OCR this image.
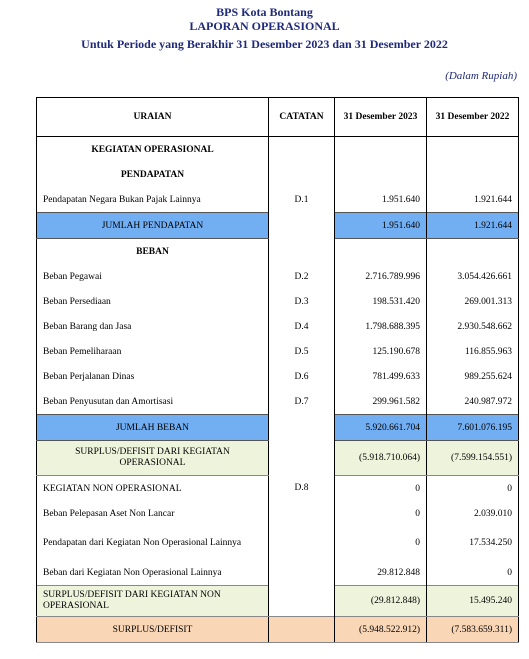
BPS Kota Bontang
LAPORAN OPERASIONAL
Untuk Periode yang Berakhir 31 Desember 2023 dan 31 Desember 2022
(Dalam Rupiah)
URAIAN	CATATAN	31 Desember 2023	31 Desember 2022
KEGIATAN OPERASIONAL			
PENDAPATAN			
Pendapatan Negara Bukan Pajak Lainnya	D.1	1.951.640	1.921.644
JUMLAH PENDAPATAN		1.951.640	1.921.644
BEBAN			
Beban Pegawai	D.2	2.716.789.996	3.054.426.661
Beban Persediaan	D.3	198.531.420	269.001.313
Beban Barang dan Jasa	D.4	1.798.688.395	2.930.548.662
Beban Pemeliharaan	D.5	125.190.678	116.855.963
Beban Perjalanan Dinas	D.6	781.499.633	989.255.624
Beban Penyusutan dan Amortisasi	D.7	299.961.582	240.987.972
JUMLAH BEBAN		5.920.661.704	7.601.076.195
SURPLUS/DEFISIT DARI KEGIATAN OPERASIONAL		(5.918.710.064)	(7.599.154.551)
KEGIATAN NON OPERASIONAL	D.8	0	0
Beban Pelepasan Aset Non Lancar		0	2.039.010
Pendapatan dari Kegiatan Non Operasional Lainnya		0	17.534.250
Beban dari Kegiatan Non Operasional Lainnya		29.812.848	0
SURPLUS/DEFISIT DARI KEGIATAN NON OPERASIONAL		(29.812.848)	15.495.240
SURPLUS/DEFISIT		(5.948.522.912)	(7.583.659.311)
